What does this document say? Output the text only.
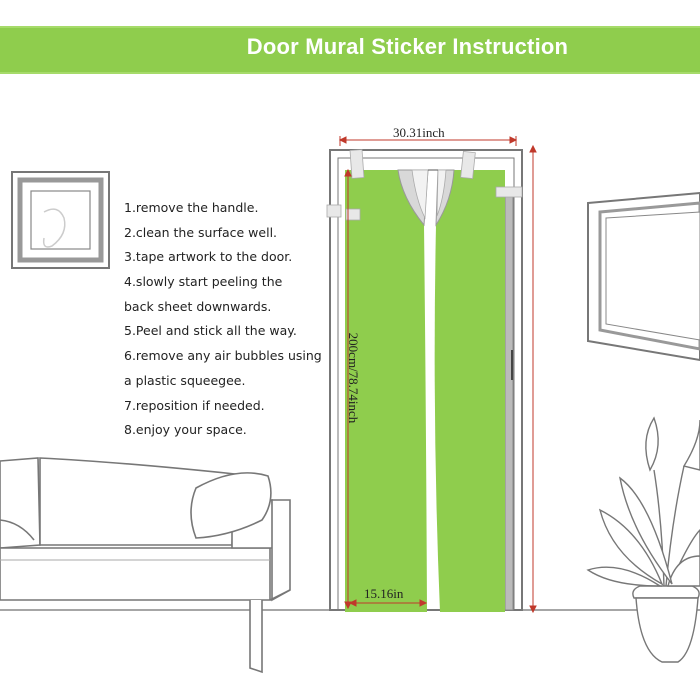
Door Mural Sticker Instruction
30.31inch
200cm/78.74inch
15.16in
1.remove the handle.
2.clean the surface well.
3.tape artwork to the door.
4.slowly start peeling the
back sheet downwards.
5.Peel and stick all the way.
6.remove any air bubbles using
a plastic squeegee.
7.reposition if needed.
8.enjoy your space.
